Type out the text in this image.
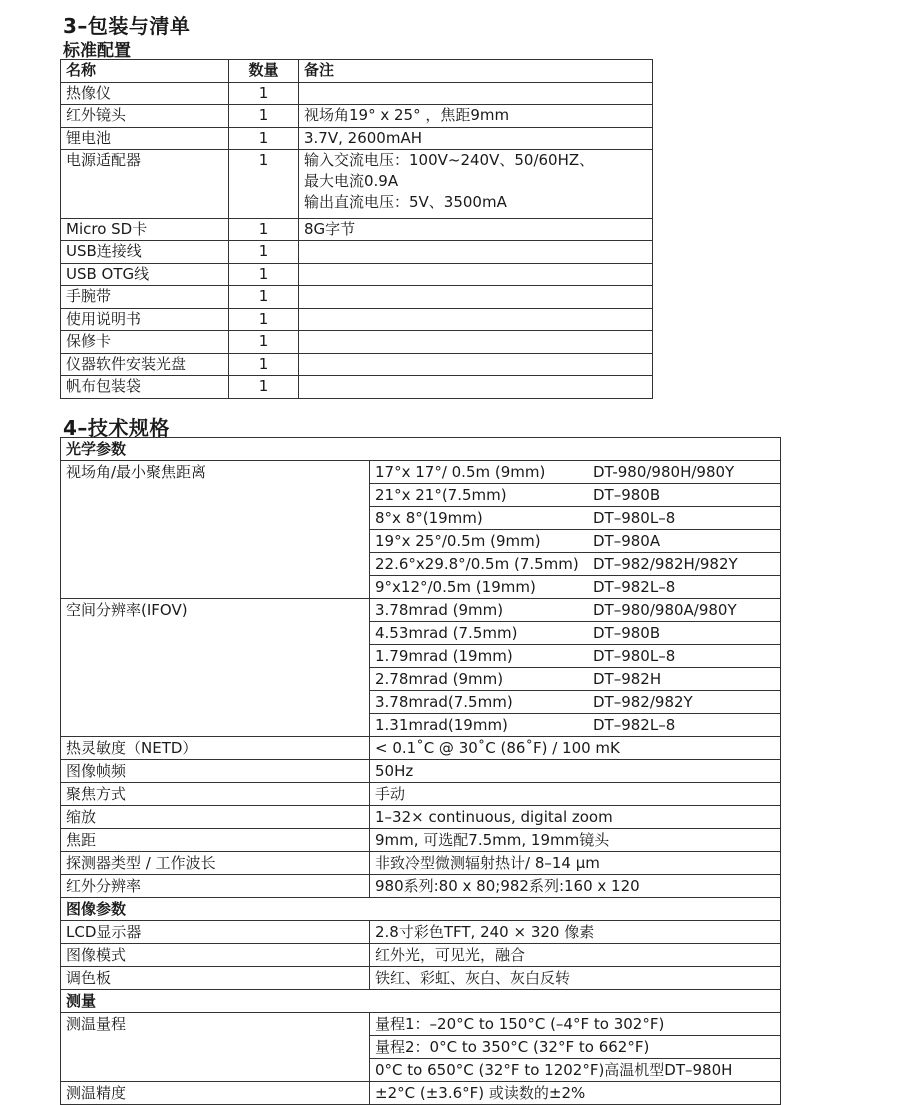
3–包装与清单
标准配置
名称	数量	备注
热像仪	1	
红外镜头	1	视场角19° x 25° ，焦距9mm

锂电池	1	3.7V, 2600mAH

电源适配器	1	输入交流电压：100V~240V、50/60HZ、
最大电流0.9A
输出直流电压：5V、3500mA

Micro SD卡	1	8G字节

USB连接线	1	
USB OTG线	1	
手腕带	1	
使用说明书	1	
保修卡	1	
仪器软件安装光盘	1	
帆布包装袋	1	
4–技术规格
光学参数	
视场角/最小聚焦距离	17°x 17°/ 0.5m (9mm) DT-980/980H/980Y

	21°x 21°(7.5mm) DT–980B

	8°x 8°(19mm) DT–980L–8

	19°x 25°/0.5m (9mm) DT–980A

	22.6°x29.8°/0.5m (7.5mm) DT–982/982H/982Y

	9°x12°/0.5m (19mm) DT–982L–8

空间分辨率(IFOV)	3.78mrad (9mm) DT–980/980A/980Y

	4.53mrad (7.5mm) DT–980B

	1.79mrad (19mm) DT–980L–8

	2.78mrad (9mm) DT–982H

	3.78mrad(7.5mm) DT–982/982Y

	1.31mrad(19mm) DT–982L–8

热灵敏度（NETD）	< 0.1˚C @ 30˚C (86˚F) / 100 mK
图像帧频	50Hz
聚焦方式	手动
缩放	1–32× continuous, digital zoom
焦距	9mm, 可选配7.5mm, 19mm镜头
探测器类型 / 工作波长	非致冷型微测辐射热计/ 8–14 μm
红外分辨率	980系列:80 x 80;982系列:160 x 120
图像参数	
LCD显示器	2.8寸彩色TFT, 240 × 320 像素
图像模式	红外光，可见光，融合
调色板	铁红、彩虹、灰白、灰白反转
测量	
测温量程	量程1：–20°C to 150°C (–4°F to 302°F)
	量程2：0°C to 350°C (32°F to 662°F)
	0°C to 650°C (32°F to 1202°F)高温机型DT–980H
测温精度	±2°C (±3.6°F) 或读数的±2%
